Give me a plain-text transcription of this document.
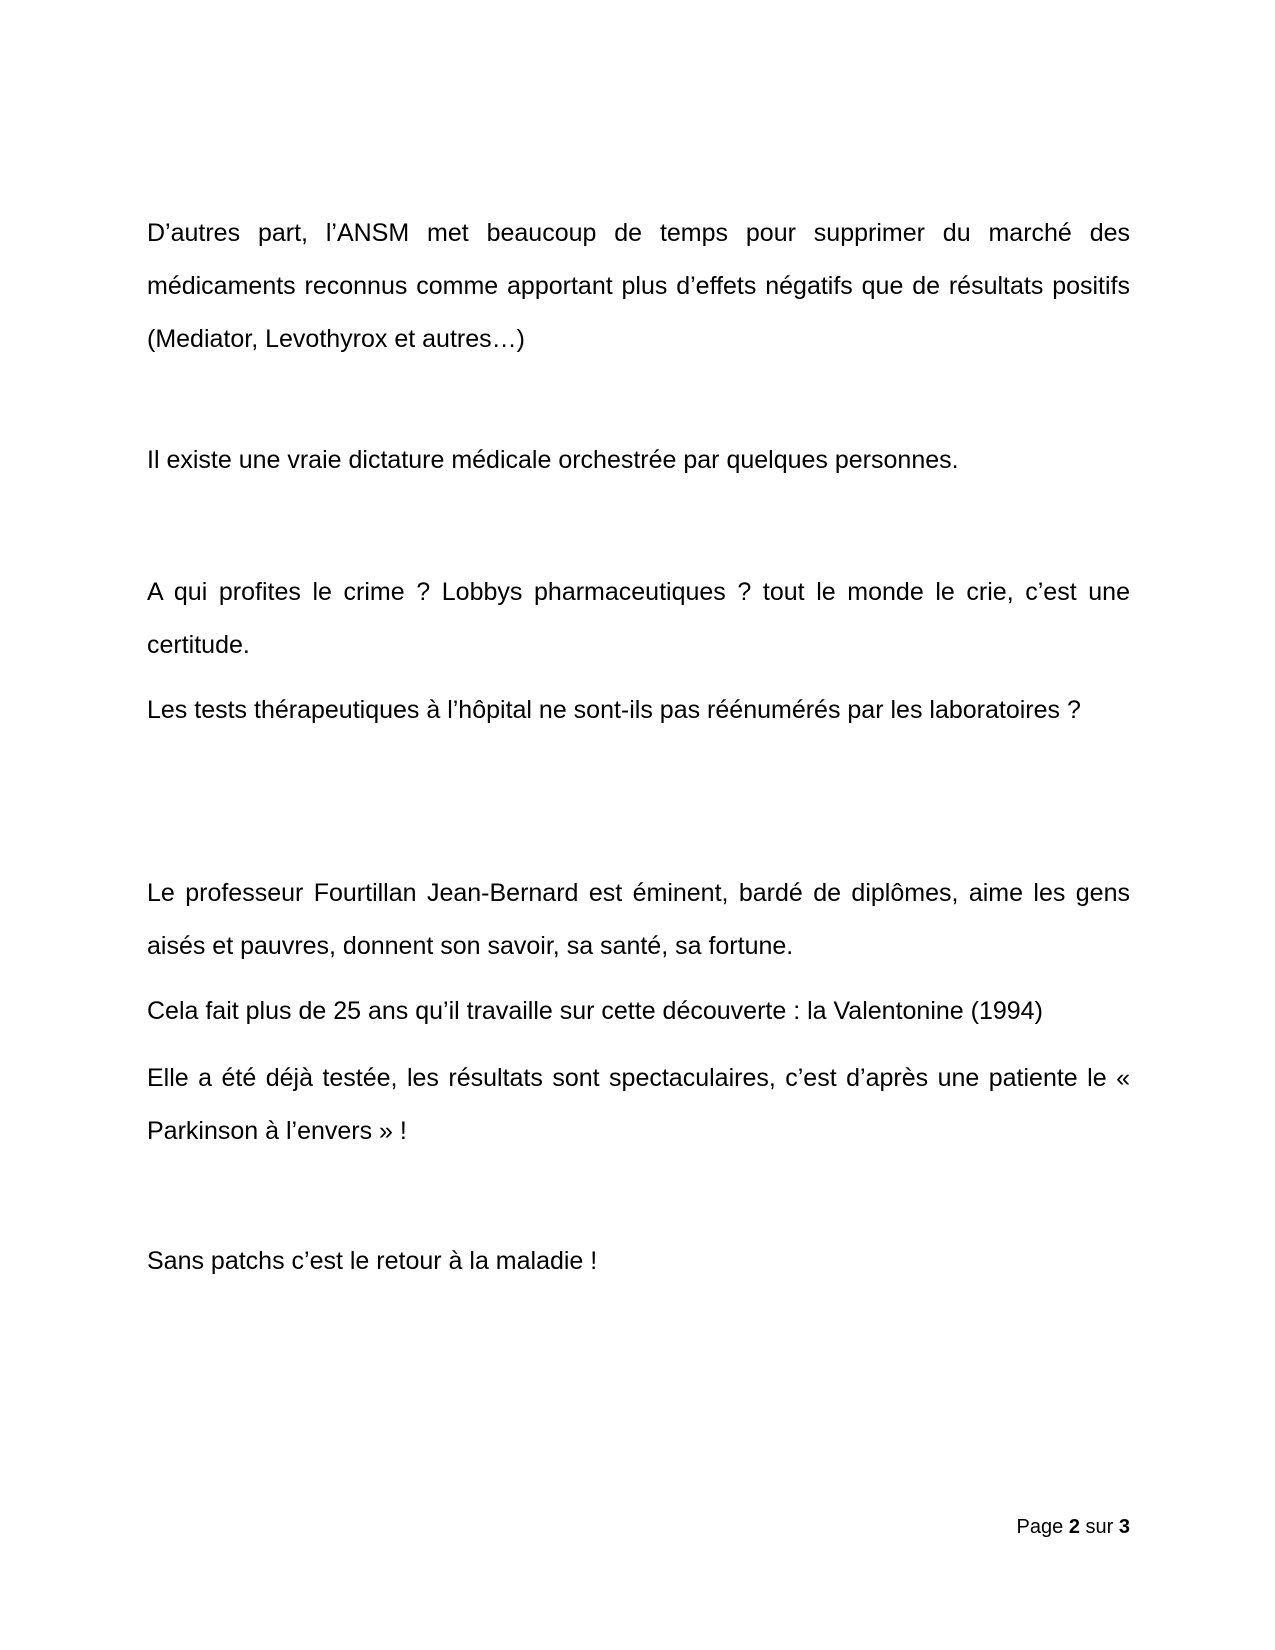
D’autres part, l’ANSM met beaucoup de temps pour supprimer du marché des médicaments reconnus comme apportant plus d’effets négatifs que de résultats positifs (Mediator, Levothyrox et autres…)

Il existe une vraie dictature médicale orchestrée par quelques personnes.

A qui profites le crime ? Lobbys pharmaceutiques ? tout le monde le crie, c’est une certitude.

Les tests thérapeutiques à l’hôpital ne sont-ils pas réénumérés par les laboratoires ?

Le professeur Fourtillan Jean-Bernard est éminent, bardé de diplômes, aime les gens aisés et pauvres, donnent son savoir, sa santé, sa fortune.

Cela fait plus de 25 ans qu’il travaille sur cette découverte : la Valentonine (1994)

Elle a été déjà testée, les résultats sont spectaculaires, c’est d’après une patiente le « Parkinson à l’envers » !

Sans patchs c’est le retour à la maladie !

Page 2 sur 3
